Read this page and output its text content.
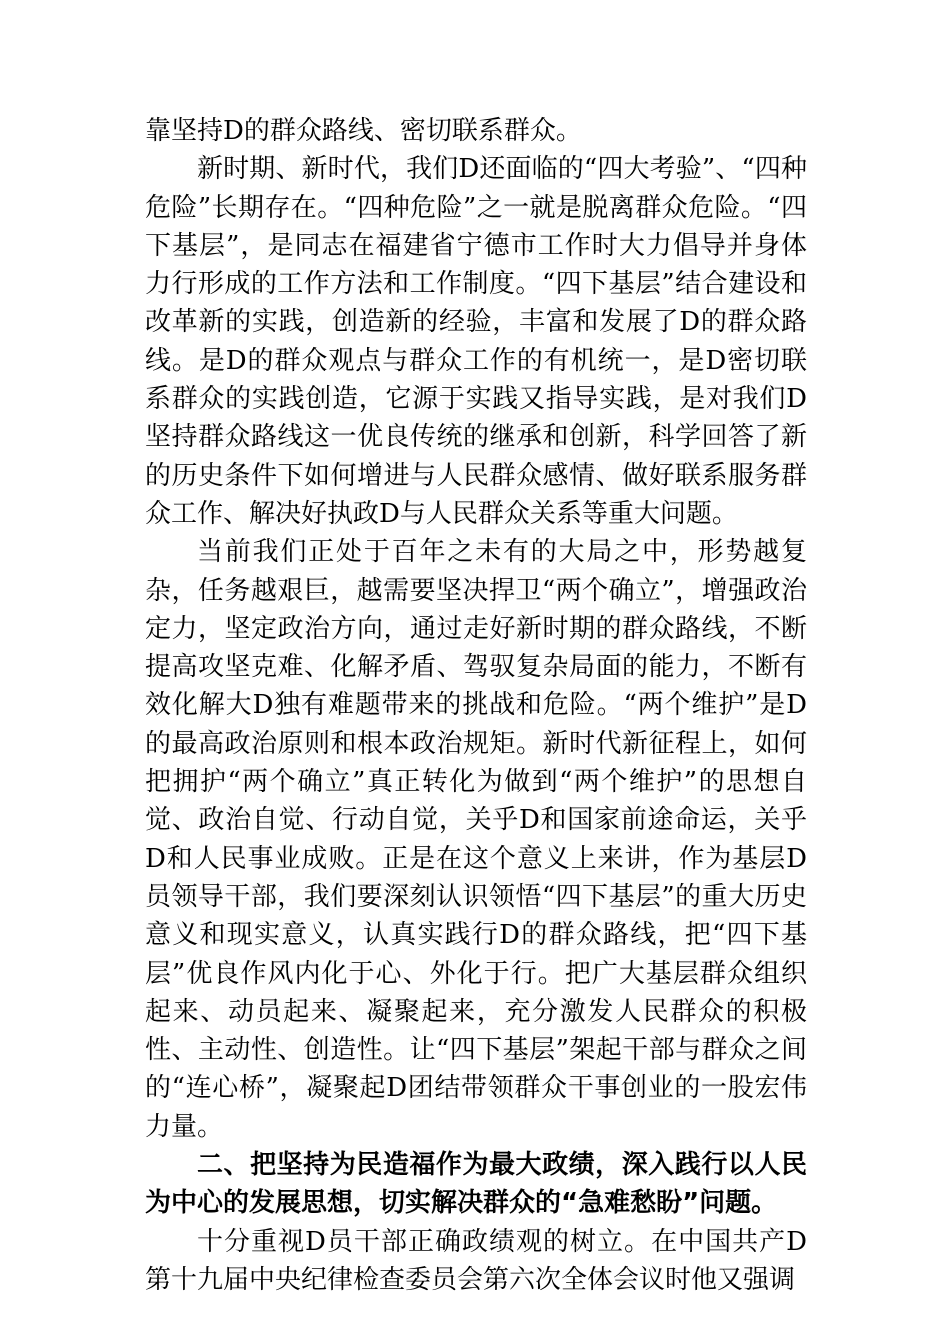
靠坚持D的群众路线、密切联系群众。

新时期、新时代，我们D还面临的“四大考验”、“四种危险”长期存在。“四种危险”之一就是脱离群众危险。“四下基层”，是同志在福建省宁德市工作时大力倡导并身体力行形成的工作方法和工作制度。“四下基层”结合建设和改革新的实践，创造新的经验，丰富和发展了D的群众路线。是D的群众观点与群众工作的有机统一，是D密切联系群众的实践创造，它源于实践又指导实践，是对我们D坚持群众路线这一优良传统的继承和创新，科学回答了新的历史条件下如何增进与人民群众感情、做好联系服务群众工作、解决好执政D与人民群众关系等重大问题。

当前我们正处于百年之未有的大局之中，形势越复杂，任务越艰巨，越需要坚决捍卫“两个确立”，增强政治定力，坚定政治方向，通过走好新时期的群众路线，不断提高攻坚克难、化解矛盾、驾驭复杂局面的能力，不断有效化解大D独有难题带来的挑战和危险。“两个维护”是D的最高政治原则和根本政治规矩。新时代新征程上，如何把拥护“两个确立”真正转化为做到“两个维护”的思想自觉、政治自觉、行动自觉，关乎D和国家前途命运，关乎D和人民事业成败。正是在这个意义上来讲，作为基层D员领导干部，我们要深刻认识领悟“四下基层”的重大历史意义和现实意义，认真实践行D的群众路线，把“四下基层”优良作风内化于心、外化于行。把广大基层群众组织起来、动员起来、凝聚起来，充分激发人民群众的积极性、主动性、创造性。让“四下基层”架起干部与群众之间的“连心桥”，凝聚起D团结带领群众干事创业的一股宏伟力量。

二、把坚持为民造福作为最大政绩，深入践行以人民为中心的发展思想，切实解决群众的“急难愁盼”问题。

十分重视D员干部正确政绩观的树立。在中国共产D第十九届中央纪律检查委员会第六次全体会议时他又强调
